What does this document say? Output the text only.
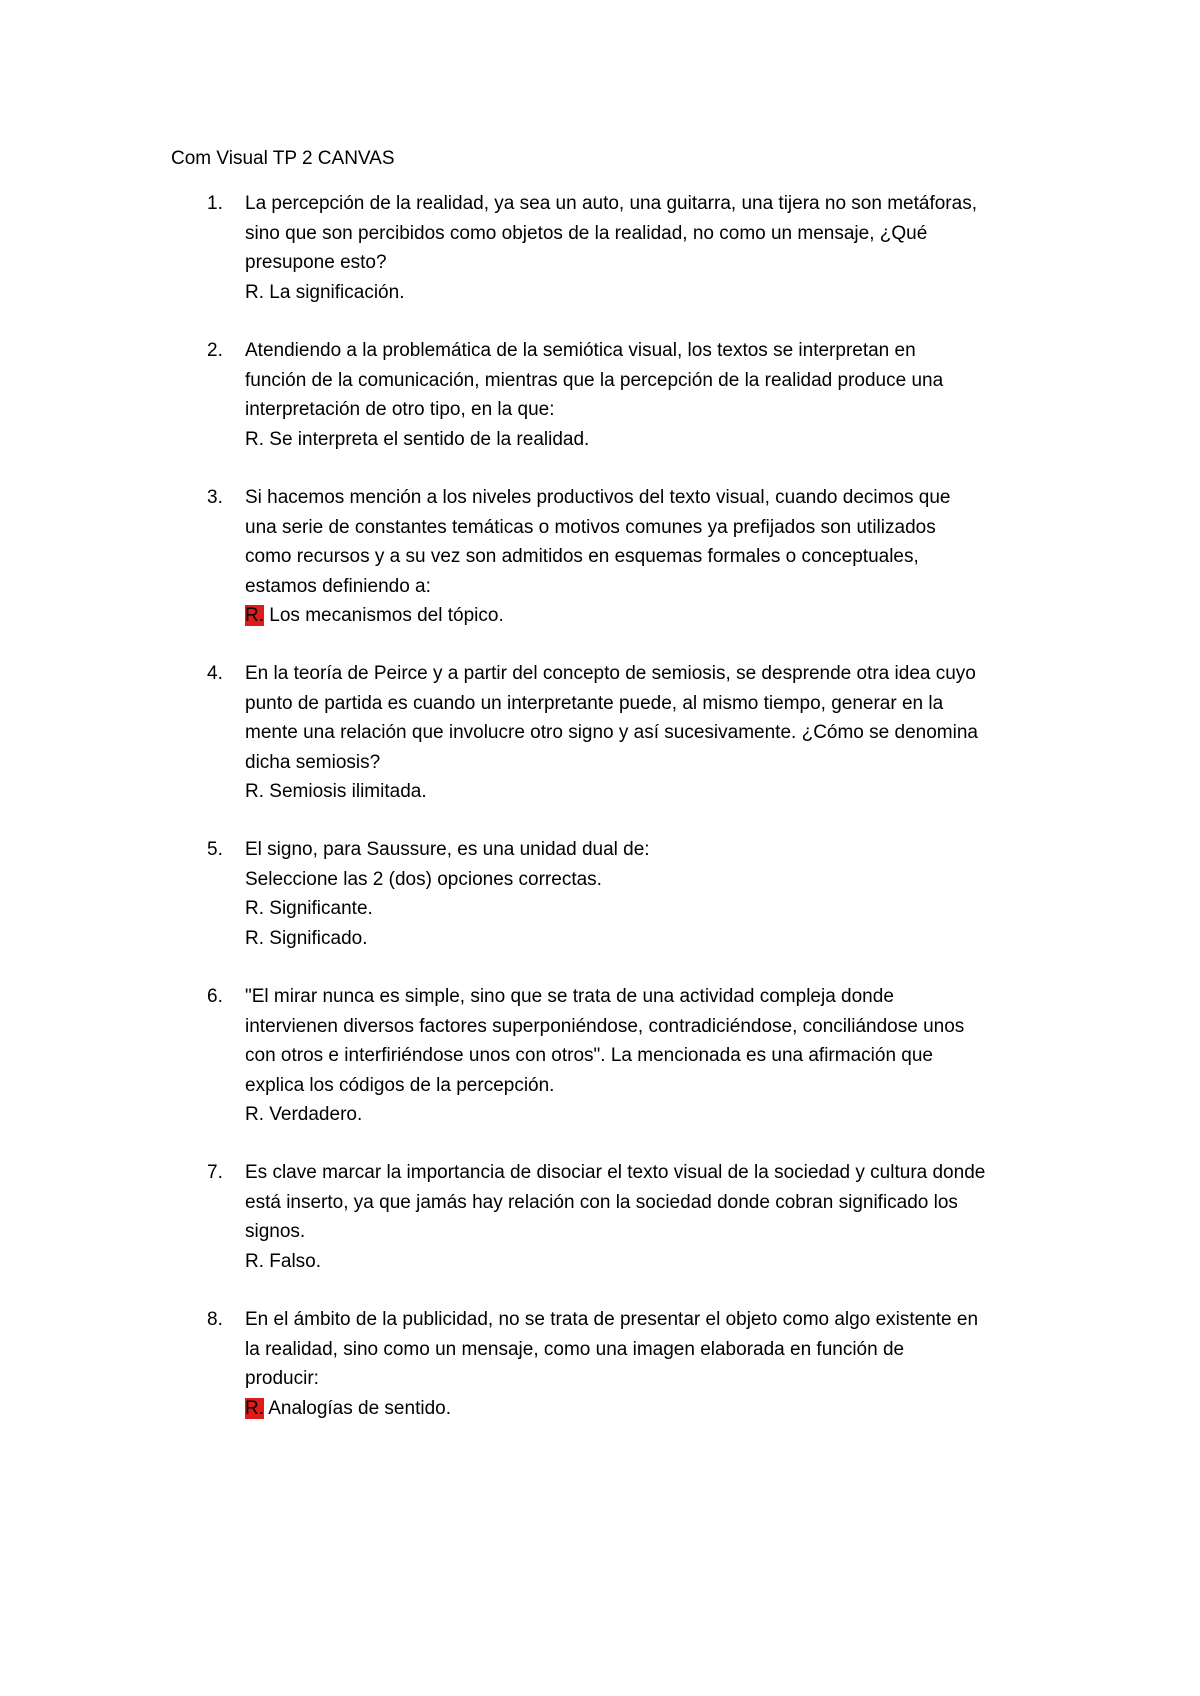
Com Visual TP 2 CANVAS
1. La percepción de la realidad, ya sea un auto, una guitarra, una tijera no son metáforas,
sino que son percibidos como objetos de la realidad, no como un mensaje, ¿Qué
presupone esto?
R. La significación.
2. Atendiendo a la problemática de la semiótica visual, los textos se interpretan en
función de la comunicación, mientras que la percepción de la realidad produce una
interpretación de otro tipo, en la que:
R. Se interpreta el sentido de la realidad.
3. Si hacemos mención a los niveles productivos del texto visual, cuando decimos que
una serie de constantes temáticas o motivos comunes ya prefijados son utilizados
como recursos y a su vez son admitidos en esquemas formales o conceptuales,
estamos definiendo a:
R. Los mecanismos del tópico.
4. En la teoría de Peirce y a partir del concepto de semiosis, se desprende otra idea cuyo
punto de partida es cuando un interpretante puede, al mismo tiempo, generar en la
mente una relación que involucre otro signo y así sucesivamente. ¿Cómo se denomina
dicha semiosis?
R. Semiosis ilimitada.
5. El signo, para Saussure, es una unidad dual de:
Seleccione las 2 (dos) opciones correctas.
R. Significante.
R. Significado.
6. "El mirar nunca es simple, sino que se trata de una actividad compleja donde
intervienen diversos factores superponiéndose, contradiciéndose, conciliándose unos
con otros e interfiriéndose unos con otros". La mencionada es una afirmación que
explica los códigos de la percepción.
R. Verdadero.
7. Es clave marcar la importancia de disociar el texto visual de la sociedad y cultura donde
está inserto, ya que jamás hay relación con la sociedad donde cobran significado los
signos.
R. Falso.
8. En el ámbito de la publicidad, no se trata de presentar el objeto como algo existente en
la realidad, sino como un mensaje, como una imagen elaborada en función de
producir:
R. Analogías de sentido.
